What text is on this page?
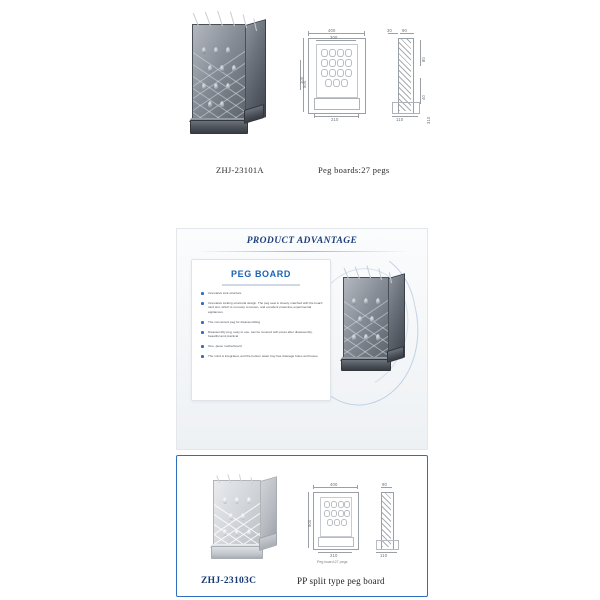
400
300
500
100
210
30 90
80
40
110	310
ZHJ-23101A	Peg boards:27 pegs
PRODUCT ADVANTAGE
PEG BOARD
Innovative lock structure
Innovative locking structural design. The peg seat is closely matched with the board card slot, which is not easy to loosen, and excellent protective experimental appliances
The convenient peg for disassembling
Disassembly peg, easy to use, can be covered with pores after disassembly, beautiful and practical
One -piece motherboard
The mind is integrated, and the bottom water tray has drainage holes and hoses.
400
500
210
Peg board:27 pegs
90
110
ZHJ-23103C	PP split type peg board
